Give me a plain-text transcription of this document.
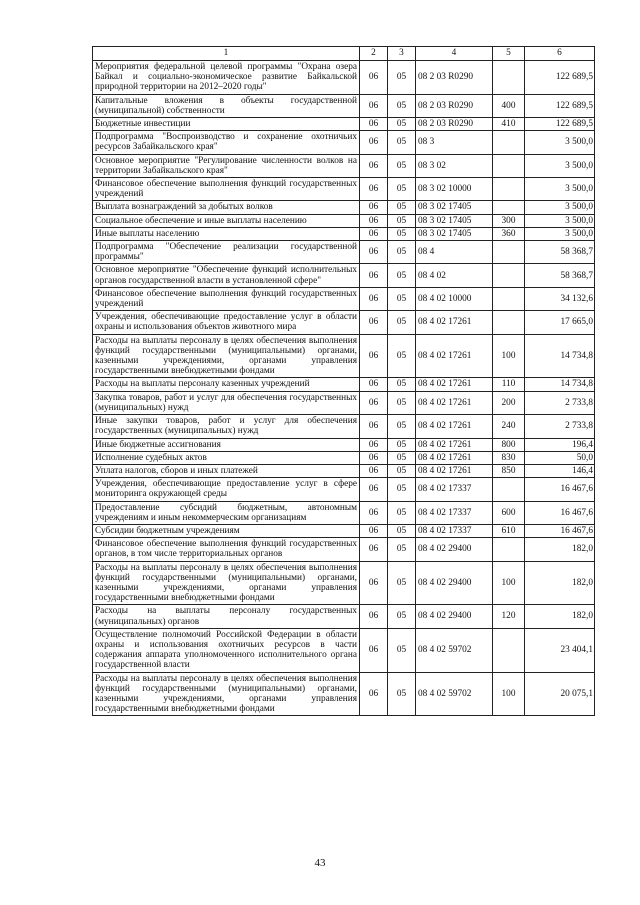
1	2	3	4	5	6
Мероприятия федеральной целевой программы "Охрана озера Байкал и социально-экономическое развитие Байкальской природной территории на 2012–2020 годы"	06	05	08 2 03 R0290		122 689,5
Капитальные вложения в объекты государственной (муниципальной) собственности	06	05	08 2 03 R0290	400	122 689,5
Бюджетные инвестиции	06	05	08 2 03 R0290	410	122 689,5
Подпрограмма "Воспроизводство и сохранение охотничьих ресурсов Забайкальского края"	06	05	08 3		3 500,0
Основное мероприятие "Регулирование численности волков на территории Забайкальского края"	06	05	08 3 02		3 500,0
Финансовое обеспечение выполнения функций государственных учреждений	06	05	08 3 02 10000		3 500,0
Выплата вознаграждений за добытых волков	06	05	08 3 02 17405		3 500,0
Социальное обеспечение и иные выплаты населению	06	05	08 3 02 17405	300	3 500,0
Иные выплаты населению	06	05	08 3 02 17405	360	3 500,0
Подпрограмма "Обеспечение реализации государственной программы"	06	05	08 4		58 368,7
Основное мероприятие "Обеспечение функций исполнительных органов государственной власти в установленной сфере"	06	05	08 4 02		58 368,7
Финансовое обеспечение выполнения функций государственных учреждений	06	05	08 4 02 10000		34 132,6
Учреждения, обеспечивающие предоставление услуг в области охраны и использования объектов животного мира	06	05	08 4 02 17261		17 665,0
Расходы на выплаты персоналу в целях обеспечения выполнения функций государственными (муниципальными) органами, казенными учреждениями, органами управления государственными внебюджетными фондами	06	05	08 4 02 17261	100	14 734,8
Расходы на выплаты персоналу казенных учреждений	06	05	08 4 02 17261	110	14 734,8
Закупка товаров, работ и услуг для обеспечения государственных (муниципальных) нужд	06	05	08 4 02 17261	200	2 733,8
Иные закупки товаров, работ и услуг для обеспечения государственных (муниципальных) нужд	06	05	08 4 02 17261	240	2 733,8
Иные бюджетные ассигнования	06	05	08 4 02 17261	800	196,4
Исполнение судебных актов	06	05	08 4 02 17261	830	50,0
Уплата налогов, сборов и иных платежей	06	05	08 4 02 17261	850	146,4
Учреждения, обеспечивающие предоставление услуг в сфере мониторинга окружающей среды	06	05	08 4 02 17337		16 467,6
Предоставление субсидий бюджетным, автономным учреждениям и иным некоммерческим организациям	06	05	08 4 02 17337	600	16 467,6
Субсидии бюджетным учреждениям	06	05	08 4 02 17337	610	16 467,6
Финансовое обеспечение выполнения функций государственных органов, в том числе территориальных органов	06	05	08 4 02 29400		182,0
Расходы на выплаты персоналу в целях обеспечения выполнения функций государственными (муниципальными) органами, казенными учреждениями, органами управления государственными внебюджетными фондами	06	05	08 4 02 29400	100	182,0
Расходы на выплаты персоналу государственных (муниципальных) органов	06	05	08 4 02 29400	120	182,0
Осуществление полномочий Российской Федерации в области охраны и использования охотничьих ресурсов в части содержания аппарата уполномоченного исполнительного органа государственной власти	06	05	08 4 02 59702		23 404,1
Расходы на выплаты персоналу в целях обеспечения выполнения функций государственными (муниципальными) органами, казенными учреждениями, органами управления государственными внебюджетными фондами	06	05	08 4 02 59702	100	20 075,1
43
